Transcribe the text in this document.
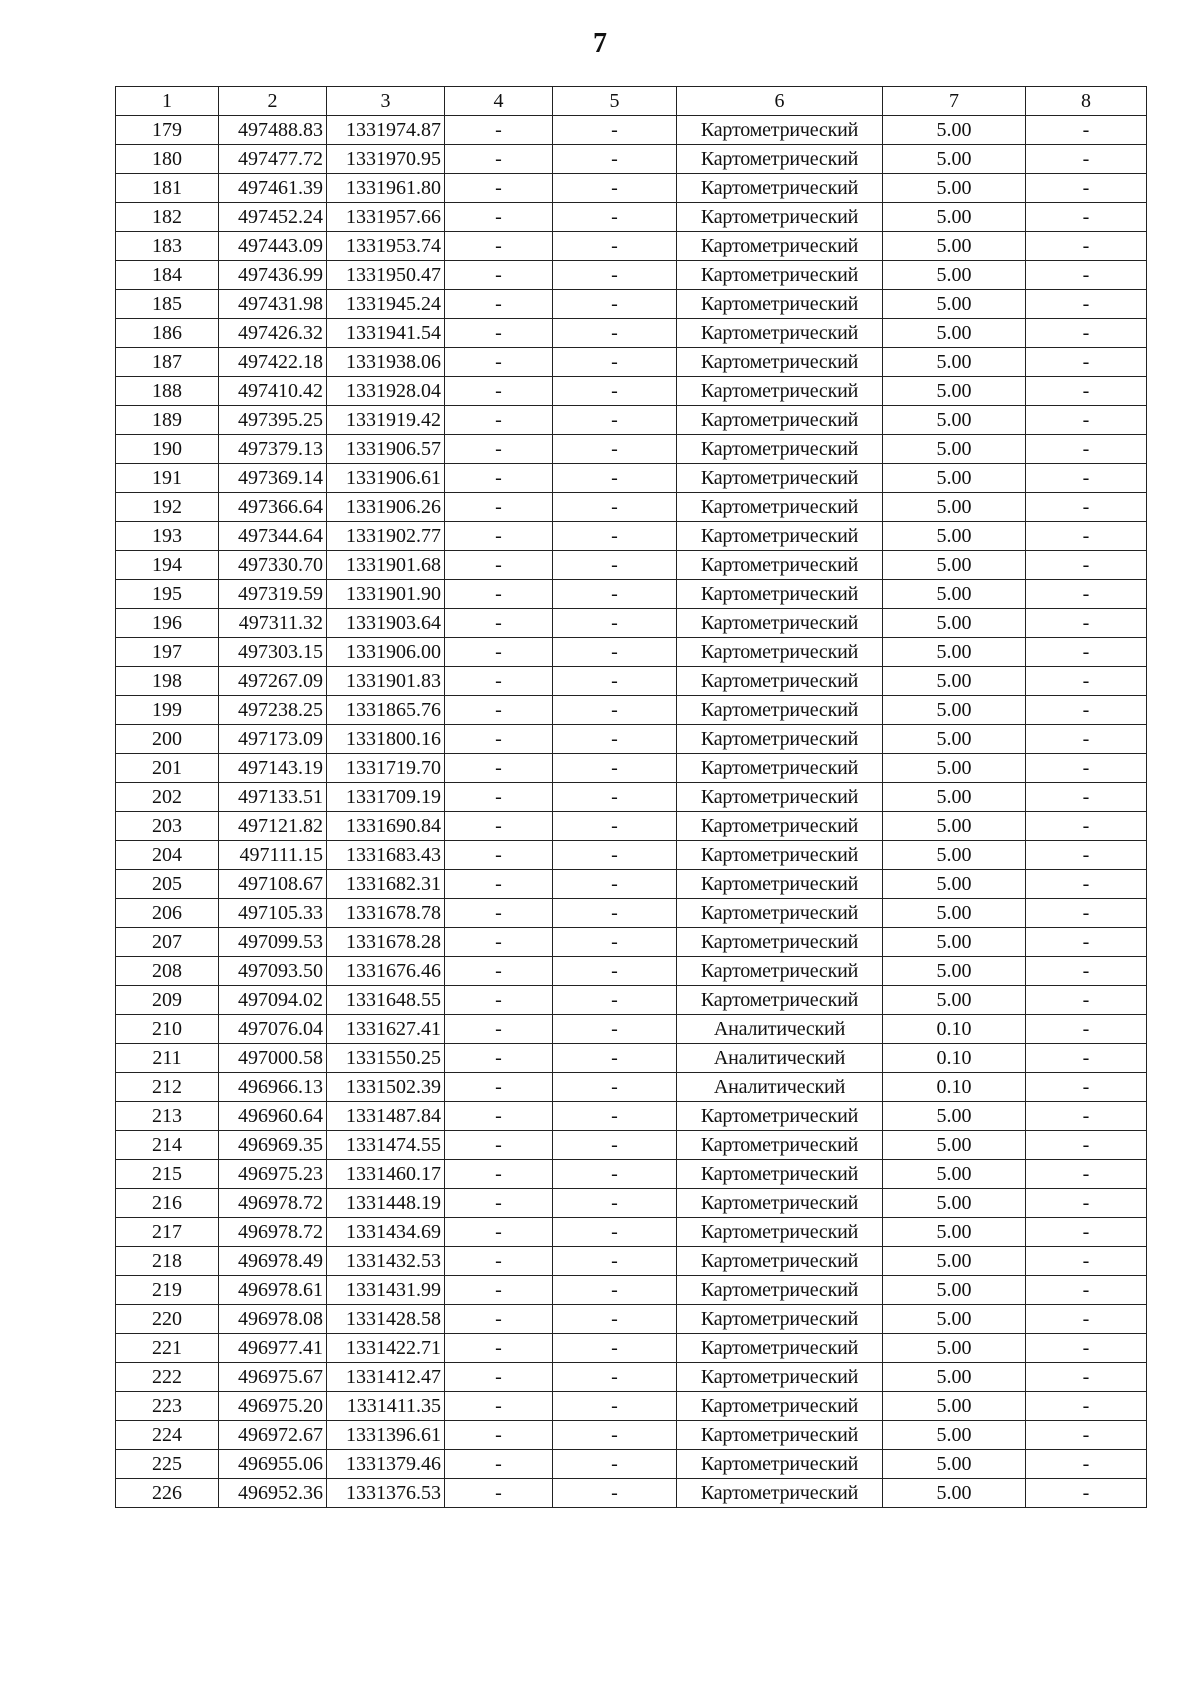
7
1	2	3	4	5	6	7	8
179	497488.83	1331974.87	-	-	Картометрический	5.00	-
180	497477.72	1331970.95	-	-	Картометрический	5.00	-
181	497461.39	1331961.80	-	-	Картометрический	5.00	-
182	497452.24	1331957.66	-	-	Картометрический	5.00	-
183	497443.09	1331953.74	-	-	Картометрический	5.00	-
184	497436.99	1331950.47	-	-	Картометрический	5.00	-
185	497431.98	1331945.24	-	-	Картометрический	5.00	-
186	497426.32	1331941.54	-	-	Картометрический	5.00	-
187	497422.18	1331938.06	-	-	Картометрический	5.00	-
188	497410.42	1331928.04	-	-	Картометрический	5.00	-
189	497395.25	1331919.42	-	-	Картометрический	5.00	-
190	497379.13	1331906.57	-	-	Картометрический	5.00	-
191	497369.14	1331906.61	-	-	Картометрический	5.00	-
192	497366.64	1331906.26	-	-	Картометрический	5.00	-
193	497344.64	1331902.77	-	-	Картометрический	5.00	-
194	497330.70	1331901.68	-	-	Картометрический	5.00	-
195	497319.59	1331901.90	-	-	Картометрический	5.00	-
196	497311.32	1331903.64	-	-	Картометрический	5.00	-
197	497303.15	1331906.00	-	-	Картометрический	5.00	-
198	497267.09	1331901.83	-	-	Картометрический	5.00	-
199	497238.25	1331865.76	-	-	Картометрический	5.00	-
200	497173.09	1331800.16	-	-	Картометрический	5.00	-
201	497143.19	1331719.70	-	-	Картометрический	5.00	-
202	497133.51	1331709.19	-	-	Картометрический	5.00	-
203	497121.82	1331690.84	-	-	Картометрический	5.00	-
204	497111.15	1331683.43	-	-	Картометрический	5.00	-
205	497108.67	1331682.31	-	-	Картометрический	5.00	-
206	497105.33	1331678.78	-	-	Картометрический	5.00	-
207	497099.53	1331678.28	-	-	Картометрический	5.00	-
208	497093.50	1331676.46	-	-	Картометрический	5.00	-
209	497094.02	1331648.55	-	-	Картометрический	5.00	-
210	497076.04	1331627.41	-	-	Аналитический	0.10	-
211	497000.58	1331550.25	-	-	Аналитический	0.10	-
212	496966.13	1331502.39	-	-	Аналитический	0.10	-
213	496960.64	1331487.84	-	-	Картометрический	5.00	-
214	496969.35	1331474.55	-	-	Картометрический	5.00	-
215	496975.23	1331460.17	-	-	Картометрический	5.00	-
216	496978.72	1331448.19	-	-	Картометрический	5.00	-
217	496978.72	1331434.69	-	-	Картометрический	5.00	-
218	496978.49	1331432.53	-	-	Картометрический	5.00	-
219	496978.61	1331431.99	-	-	Картометрический	5.00	-
220	496978.08	1331428.58	-	-	Картометрический	5.00	-
221	496977.41	1331422.71	-	-	Картометрический	5.00	-
222	496975.67	1331412.47	-	-	Картометрический	5.00	-
223	496975.20	1331411.35	-	-	Картометрический	5.00	-
224	496972.67	1331396.61	-	-	Картометрический	5.00	-
225	496955.06	1331379.46	-	-	Картометрический	5.00	-
226	496952.36	1331376.53	-	-	Картометрический	5.00	-
